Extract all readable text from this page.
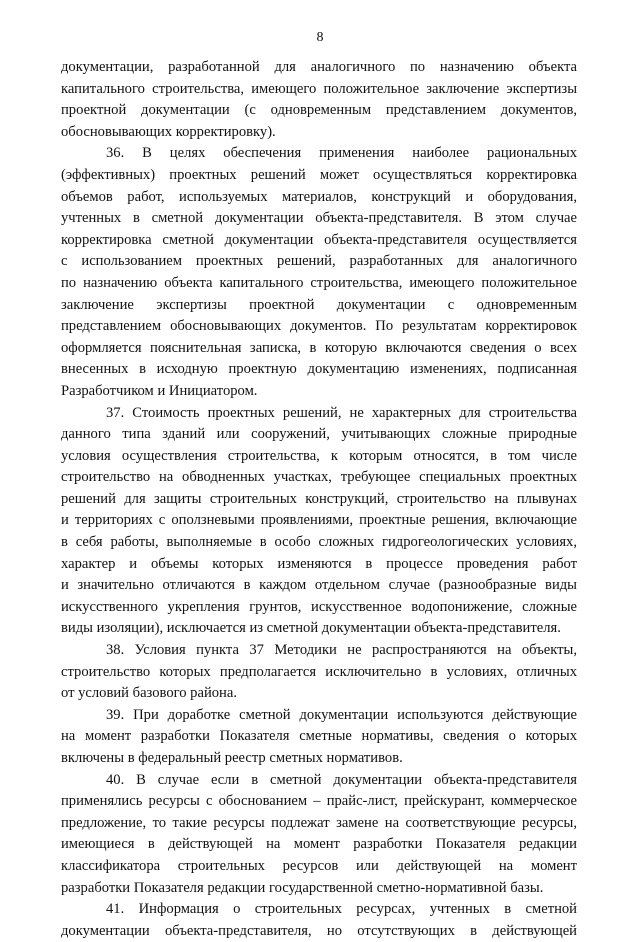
8
документации, разработанной для аналогичного по назначению объекта
капитального строительства, имеющего положительное заключение экспертизы
проектной документации (с одновременным представлением документов,
обосновывающих корректировку).
36. В целях обеспечения применения наиболее рациональных
(эффективных) проектных решений может осуществляться корректировка
объемов работ, используемых материалов, конструкций и оборудования,
учтенных в сметной документации объекта-представителя. В этом случае
корректировка сметной документации объекта-представителя осуществляется
с использованием проектных решений, разработанных для аналогичного
по назначению объекта капитального строительства, имеющего положительное
заключение экспертизы проектной документации с одновременным
представлением обосновывающих документов. По результатам корректировок
оформляется пояснительная записка, в которую включаются сведения о всех
внесенных в исходную проектную документацию изменениях, подписанная
Разработчиком и Инициатором.
37. Стоимость проектных решений, не характерных для строительства
данного типа зданий или сооружений, учитывающих сложные природные
условия осуществления строительства, к которым относятся, в том числе
строительство на обводненных участках, требующее специальных проектных
решений для защиты строительных конструкций, строительство на плывунах
и территориях с оползневыми проявлениями, проектные решения, включающие
в себя работы, выполняемые в особо сложных гидрогеологических условиях,
характер и объемы которых изменяются в процессе проведения работ
и значительно отличаются в каждом отдельном случае (разнообразные виды
искусственного укрепления грунтов, искусственное водопонижение, сложные
виды изоляции), исключается из сметной документации объекта-представителя.
38. Условия пункта 37 Методики не распространяются на объекты,
строительство которых предполагается исключительно в условиях, отличных
от условий базового района.
39. При доработке сметной документации используются действующие
на момент разработки Показателя сметные нормативы, сведения о которых
включены в федеральный реестр сметных нормативов.
40. В случае если в сметной документации объекта-представителя
применялись ресурсы с обоснованием – прайс-лист, прейскурант, коммерческое
предложение, то такие ресурсы подлежат замене на соответствующие ресурсы,
имеющиеся в действующей на момент разработки Показателя редакции
классификатора строительных ресурсов или действующей на момент
разработки Показателя редакции государственной сметно-нормативной базы.
41. Информация о строительных ресурсах, учтенных в сметной
документации объекта-представителя, но отсутствующих в действующей
